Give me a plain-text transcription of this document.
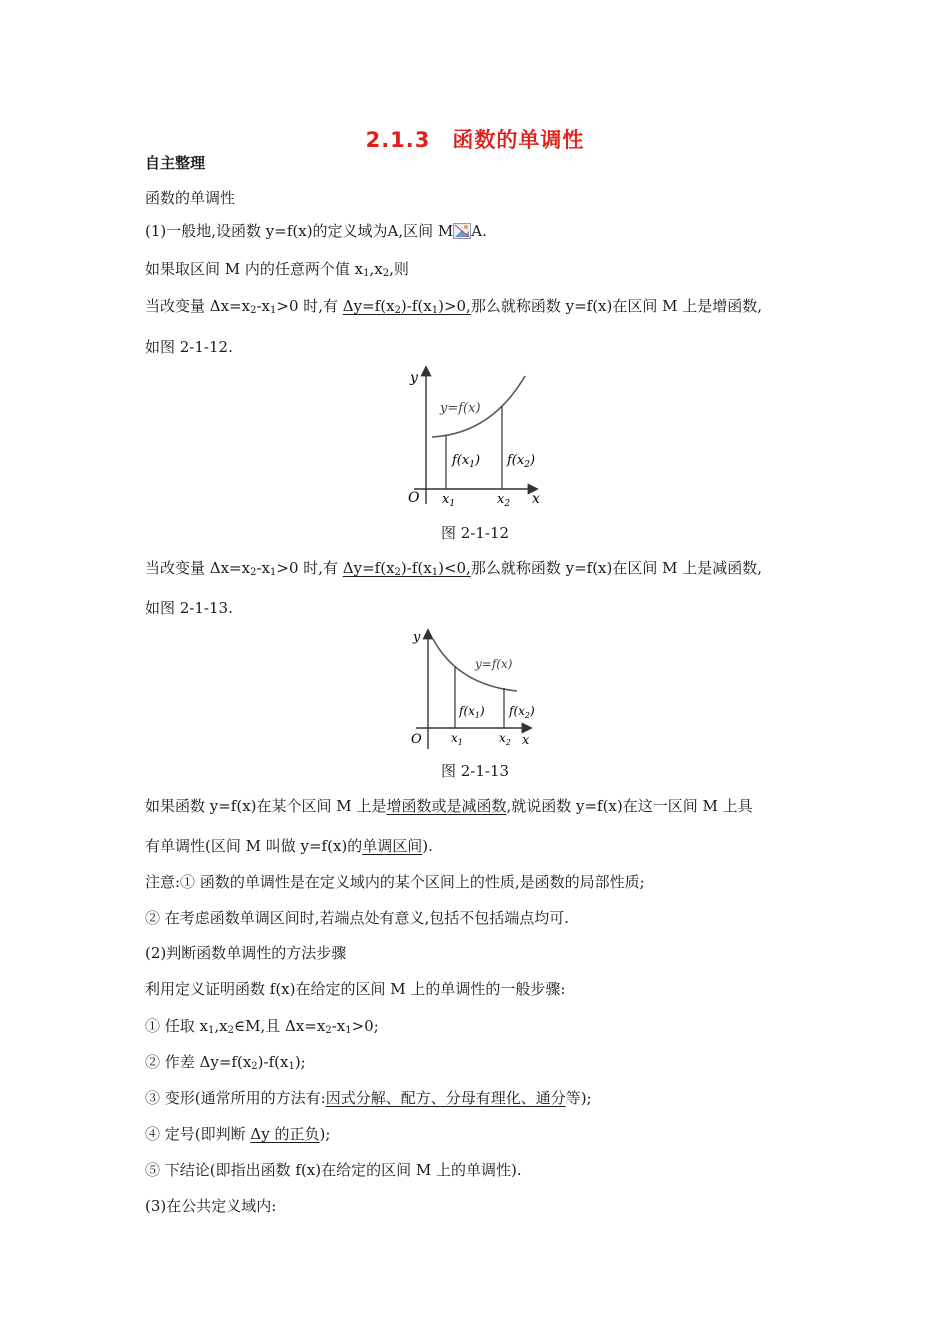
2.1.3　函数的单调性
自主整理
函数的单调性
(1)一般地,设函数 y=f(x)的定义域为A,区间 M A.
如果取区间 M 内的任意两个值 $x_1,x_2$,则
当改变量 $\Delta x=x_2-x_1>0$ 时,有 $\Delta y=f(x_2)-f(x_1)>0$,那么就称函数 y=f(x)在区间 M 上是增函数,
如图 2-1-12.
y
x
O
y=f(x)
$f(x_1)$ $f(x_2)$
$x_1$	$x_2$
图 2-1-12
当改变量 $\Delta x=x_2-x_1>0$ 时,有 $\Delta y=f(x_2)-f(x_1)<0$,那么就称函数 y=f(x)在区间 M 上是减函数,
如图 2-1-13.
y
x
O
y=f(x)
$f(x_1)$ $f(x_2)$
$x_1$	$x_2$
图 2-1-13
如果函数 y=f(x)在某个区间 M 上是增函数或是减函数,就说函数 y=f(x)在这一区间 M 上具
有单调性(区间 M 叫做 y=f(x)的单调区间).
注意:① 函数的单调性是在定义域内的某个区间上的性质,是函数的局部性质;
② 在考虑函数单调区间时,若端点处有意义,包括不包括端点均可.
(2)判断函数单调性的方法步骤
利用定义证明函数 f(x)在给定的区间 M 上的单调性的一般步骤:
① 任取 $x_1,x_2\in M$,且 $\Delta x=x_2-x_1>0$;
② 作差 $\Delta y=f(x_2)-f(x_1)$;
③ 变形(通常所用的方法有:因式分解、配方、分母有理化、通分等);
④ 定号(即判断 Δy 的正负);
⑤ 下结论(即指出函数 f(x)在给定的区间 M 上的单调性).
(3)在公共定义域内:
